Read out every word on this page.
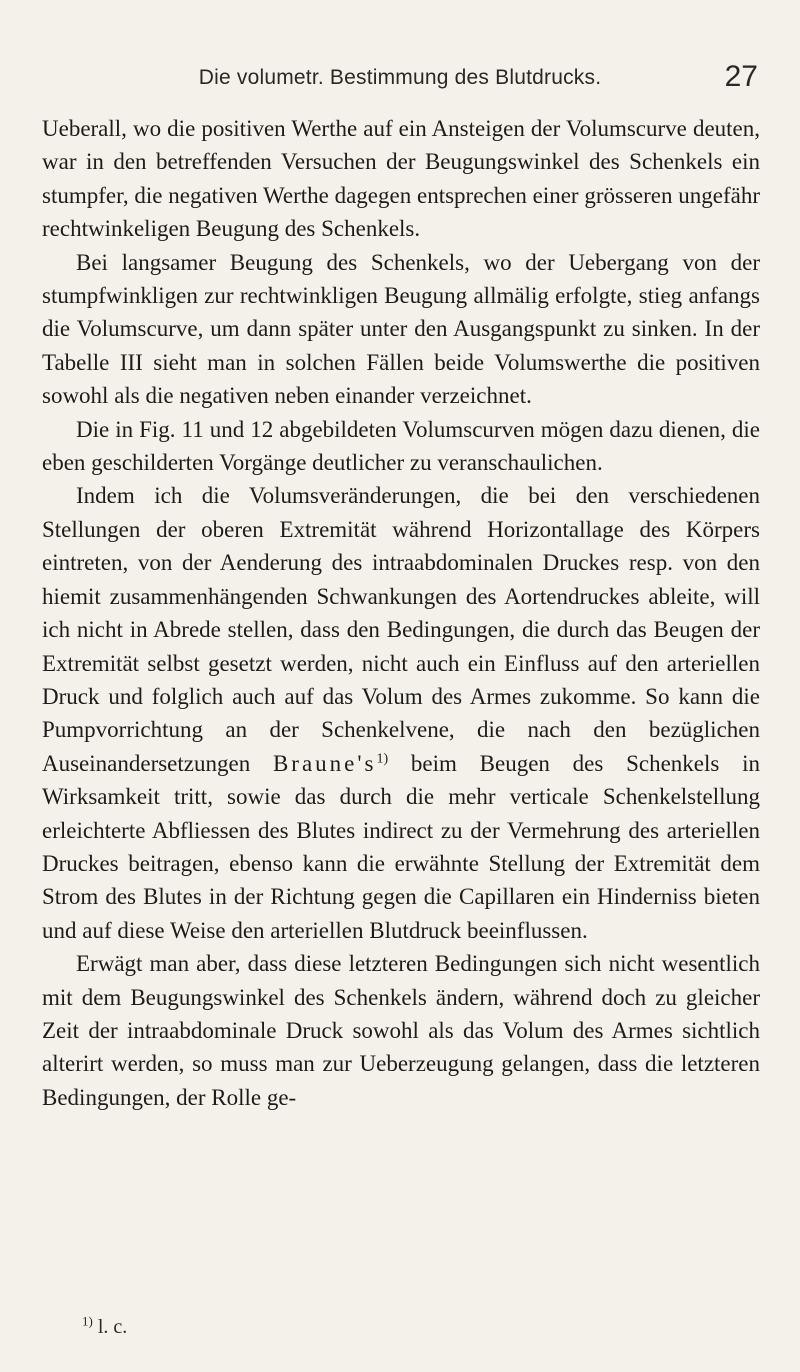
Die volumetr. Bestimmung des Blutdrucks.	27

Ueberall, wo die positiven Werthe auf ein Ansteigen der Volumscurve deuten, war in den betreffenden Versuchen der Beugungswinkel des Schenkels ein stumpfer, die negativen Werthe dagegen entsprechen einer grösseren ungefähr rechtwinkeligen Beugung des Schenkels.

Bei langsamer Beugung des Schenkels, wo der Uebergang von der stumpfwinkligen zur rechtwinkligen Beugung allmälig erfolgte, stieg anfangs die Volumscurve, um dann später unter den Ausgangspunkt zu sinken. In der Tabelle III sieht man in solchen Fällen beide Volumswerthe die positiven sowohl als die negativen neben einander verzeichnet.

Die in Fig. 11 und 12 abgebildeten Volumscurven mögen dazu dienen, die eben geschilderten Vorgänge deutlicher zu veranschaulichen.

Indem ich die Volumsveränderungen, die bei den verschiedenen Stellungen der oberen Extremität während Horizontallage des Körpers eintreten, von der Aenderung des intraabdominalen Druckes resp. von den hiemit zusammenhängenden Schwankungen des Aortendruckes ableite, will ich nicht in Abrede stellen, dass den Bedingungen, die durch das Beugen der Extremität selbst gesetzt werden, nicht auch ein Einfluss auf den arteriellen Druck und folglich auch auf das Volum des Armes zukomme. So kann die Pumpvorrichtung an der Schenkelvene, die nach den bezüglichen Auseinandersetzungen Braune's$^{1)}$ beim Beugen des Schenkels in Wirksamkeit tritt, sowie das durch die mehr verticale Schenkelstellung erleichterte Abfliessen des Blutes indirect zu der Vermehrung des arteriellen Druckes beitragen, ebenso kann die erwähnte Stellung der Extremität dem Strom des Blutes in der Richtung gegen die Capillaren ein Hinderniss bieten und auf diese Weise den arteriellen Blutdruck beeinflussen.

Erwägt man aber, dass diese letzteren Bedingungen sich nicht wesentlich mit dem Beugungswinkel des Schenkels ändern, während doch zu gleicher Zeit der intraabdominale Druck sowohl als das Volum des Armes sichtlich alterirt werden, so muss man zur Ueberzeugung gelangen, dass die letzteren Bedingungen, der Rolle ge-

$^{1)}$ l. c.
